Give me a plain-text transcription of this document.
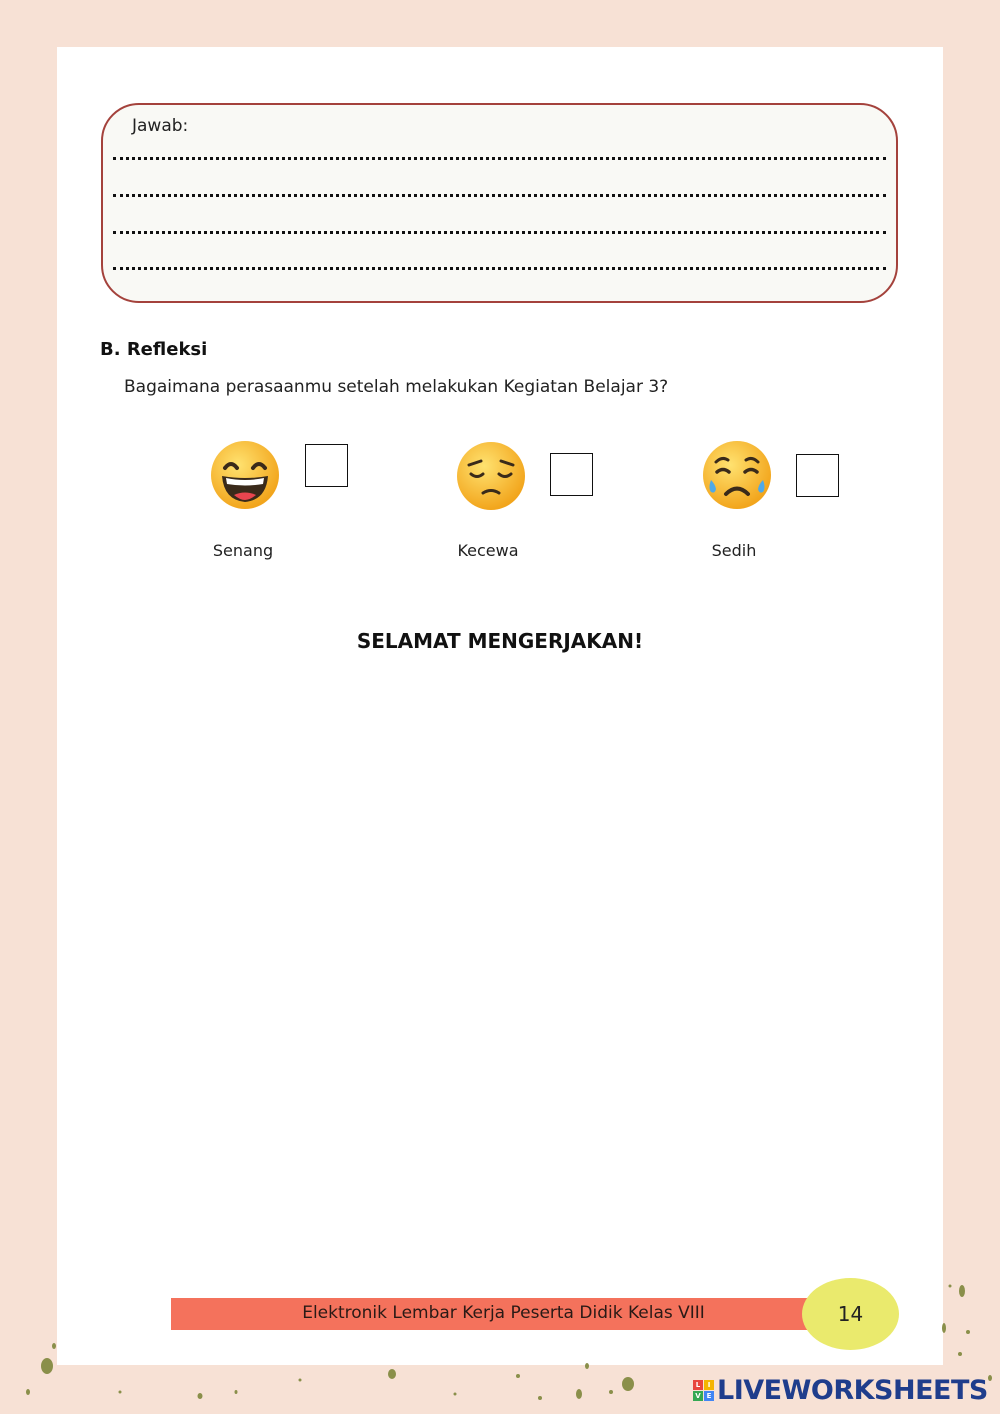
Jawab:
B. Refleksi
Bagaimana perasaanmu setelah melakukan Kegiatan Belajar 3?
Senang	Kecewa	Sedih
SELAMAT MENGERJAKAN!
Elektronik Lembar Kerja Peserta Didik Kelas VIII	14
L	I
V E LIVEWORKSHEETS
